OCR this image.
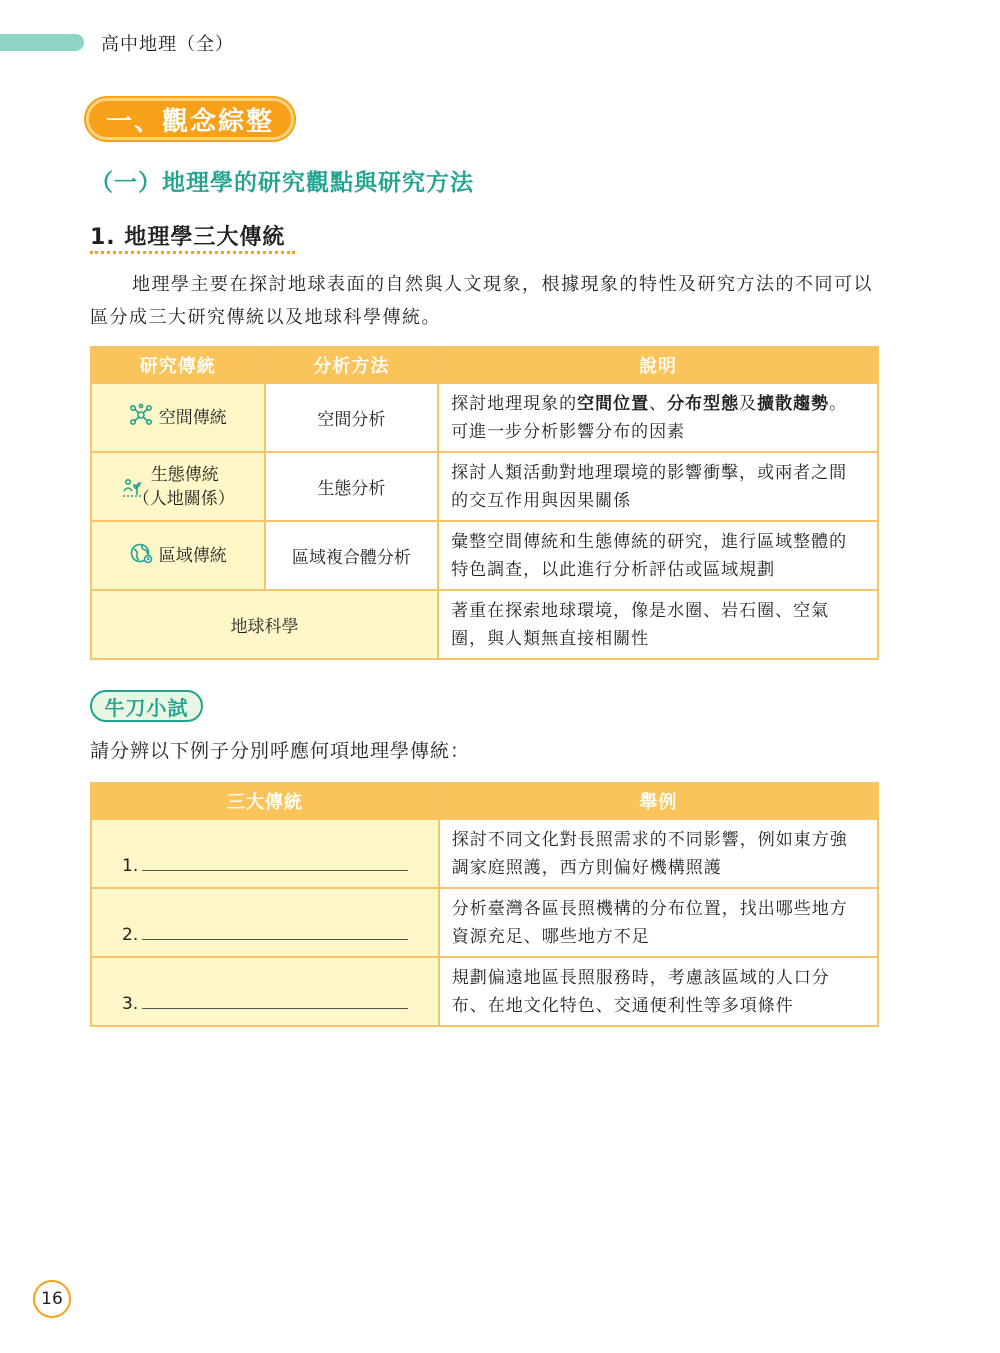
高中地理（全）
一、觀念綜整
（一）地理學的研究觀點與研究方法
1. 地理學三大傳統

地理學主要在探討地球表面的自然與人文現象，根據現象的特性及研究方法的不同可以區分成三大研究傳統以及地球科學傳統。

研究傳統	分析方法	說明

空間傳統	空間分析	探討地理現象的空間位置、分布型態及擴散趨勢。可進一步分析影響分布的因素

生態傳統
（人地關係）	生態分析	探討人類活動對地理環境的影響衝擊，或兩者之間的交互作用與因果關係

區域傳統	區域複合體分析	彙整空間傳統和生態傳統的研究，進行區域整體的特色調查，以此進行分析評估或區域規劃
地球科學		著重在探索地球環境，像是水圈、岩石圈、空氣圈，與人類無直接相關性
牛刀小試
請分辨以下例子分別呼應何項地理學傳統：
三大傳統	舉例

1.	探討不同文化對長照需求的不同影響，例如東方強調家庭照護，西方則偏好機構照護

2.	分析臺灣各區長照機構的分布位置，找出哪些地方資源充足、哪些地方不足

3.	規劃偏遠地區長照服務時，考慮該區域的人口分布、在地文化特色、交通便利性等多項條件
16
